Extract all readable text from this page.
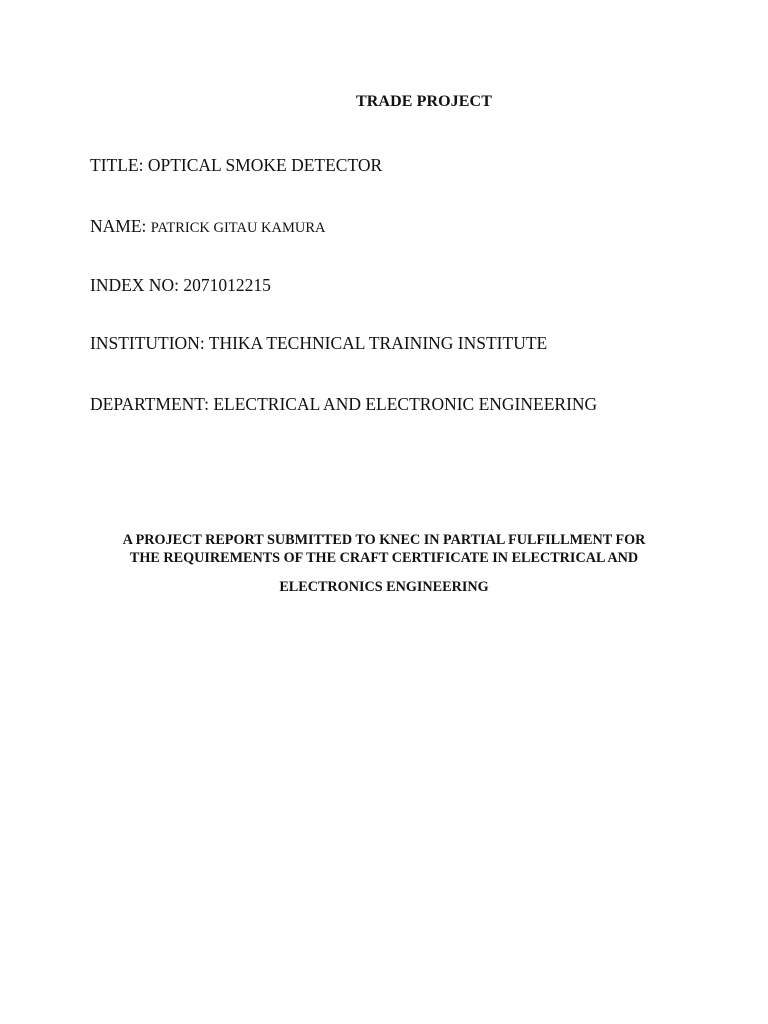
TRADE PROJECT
TITLE: OPTICAL SMOKE DETECTOR
NAME: PATRICK GITAU KAMURA
INDEX NO: 2071012215
INSTITUTION: THIKA TECHNICAL TRAINING INSTITUTE
DEPARTMENT: ELECTRICAL AND ELECTRONIC ENGINEERING
A PROJECT REPORT SUBMITTED TO KNEC IN PARTIAL FULFILLMENT FOR
THE REQUIREMENTS OF THE CRAFT CERTIFICATE IN ELECTRICAL AND
ELECTRONICS ENGINEERING
